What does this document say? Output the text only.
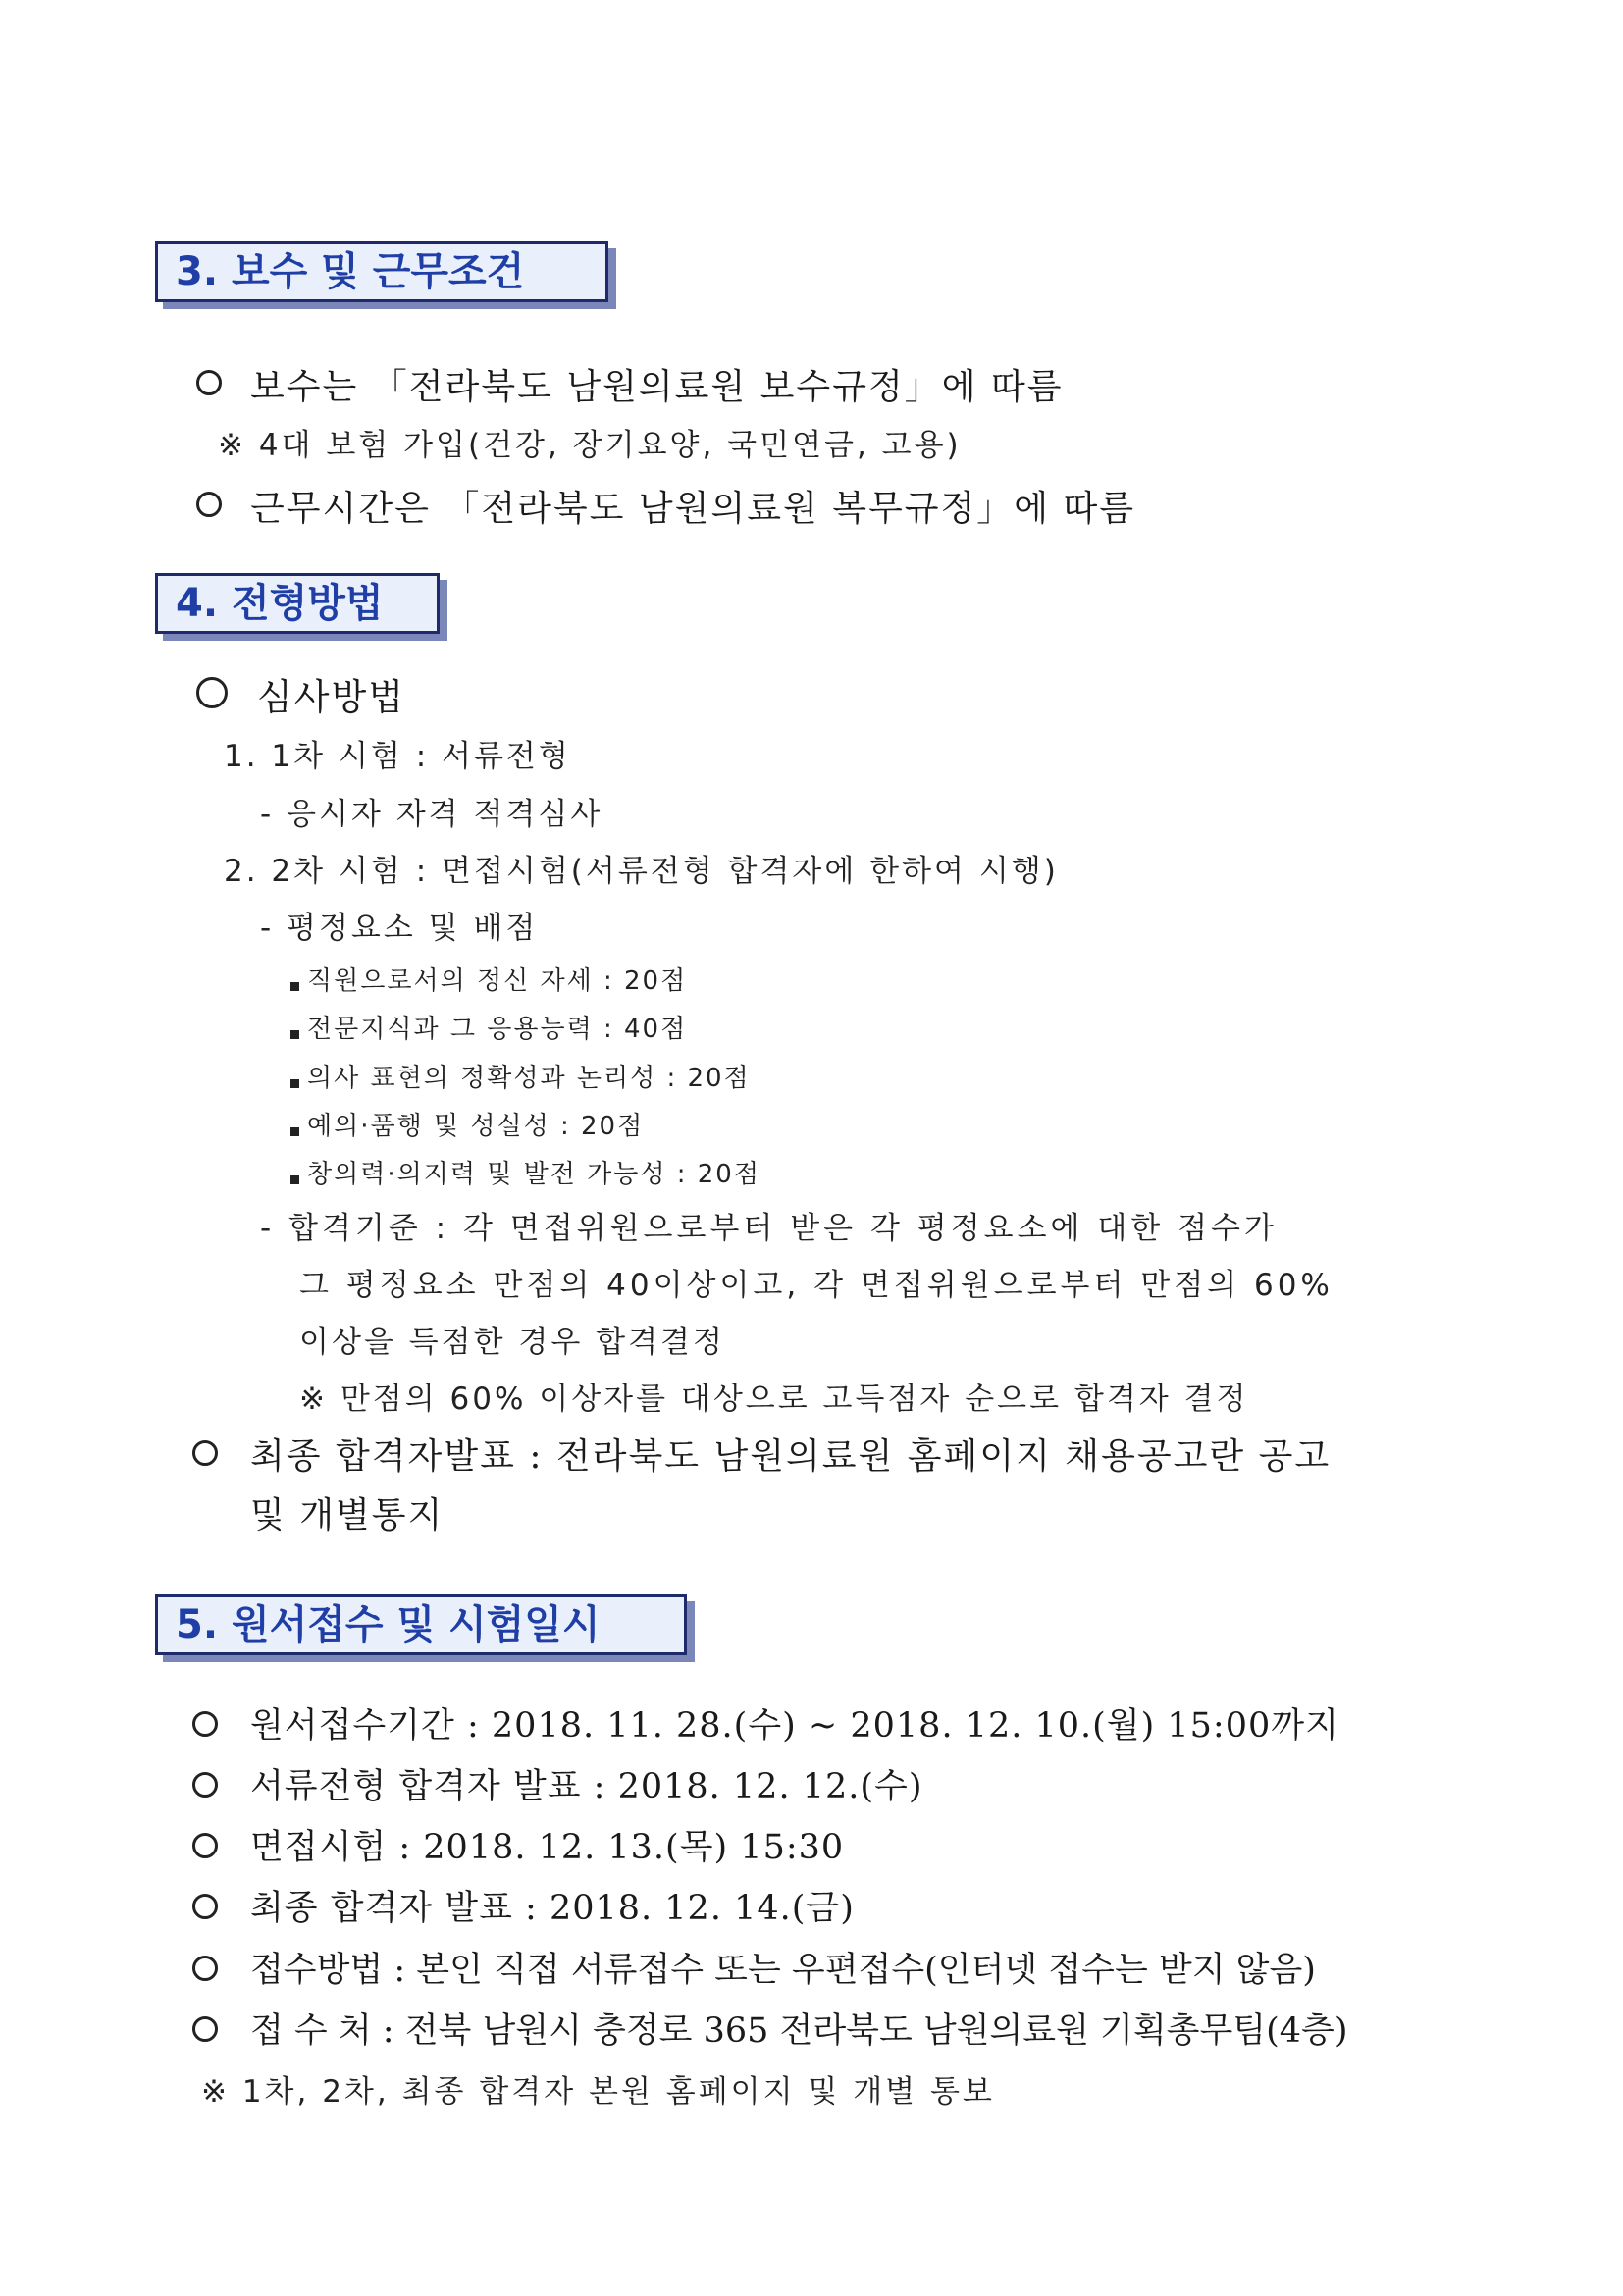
3. 보수 및 근무조건
보수는 「전라북도 남원의료원 보수규정」에 따름
※ 4대 보험 가입(건강, 장기요양, 국민연금, 고용)
근무시간은 「전라북도 남원의료원 복무규정」에 따름
4. 전형방법
심사방법
1. 1차 시험 : 서류전형
- 응시자 자격 적격심사
2. 2차 시험 : 면접시험(서류전형 합격자에 한하여 시행)
- 평정요소 및 배점
직원으로서의 정신 자세 : 20점
전문지식과 그 응용능력 : 40점
의사 표현의 정확성과 논리성 : 20점
예의·품행 및 성실성 : 20점
창의력·의지력 및 발전 가능성 : 20점
- 합격기준 : 각 면접위원으로부터 받은 각 평정요소에 대한 점수가
그 평정요소 만점의 40이상이고, 각 면접위원으로부터 만점의 60%
이상을 득점한 경우 합격결정
※ 만점의 60% 이상자를 대상으로 고득점자 순으로 합격자 결정
최종 합격자발표 : 전라북도 남원의료원 홈페이지 채용공고란 공고
및 개별통지
5. 원서접수 및 시험일시
원서접수기간 : 2018. 11. 28.(수) ~ 2018. 12. 10.(월) 15:00까지
서류전형 합격자 발표 : 2018. 12. 12.(수)
면접시험 : 2018. 12. 13.(목) 15:30
최종 합격자 발표 : 2018. 12. 14.(금)
접수방법 : 본인 직접 서류접수 또는 우편접수(인터넷 접수는 받지 않음)
접 수 처 : 전북 남원시 충정로 365 전라북도 남원의료원 기획총무팀(4층)
※ 1차, 2차, 최종 합격자 본원 홈페이지 및 개별 통보
